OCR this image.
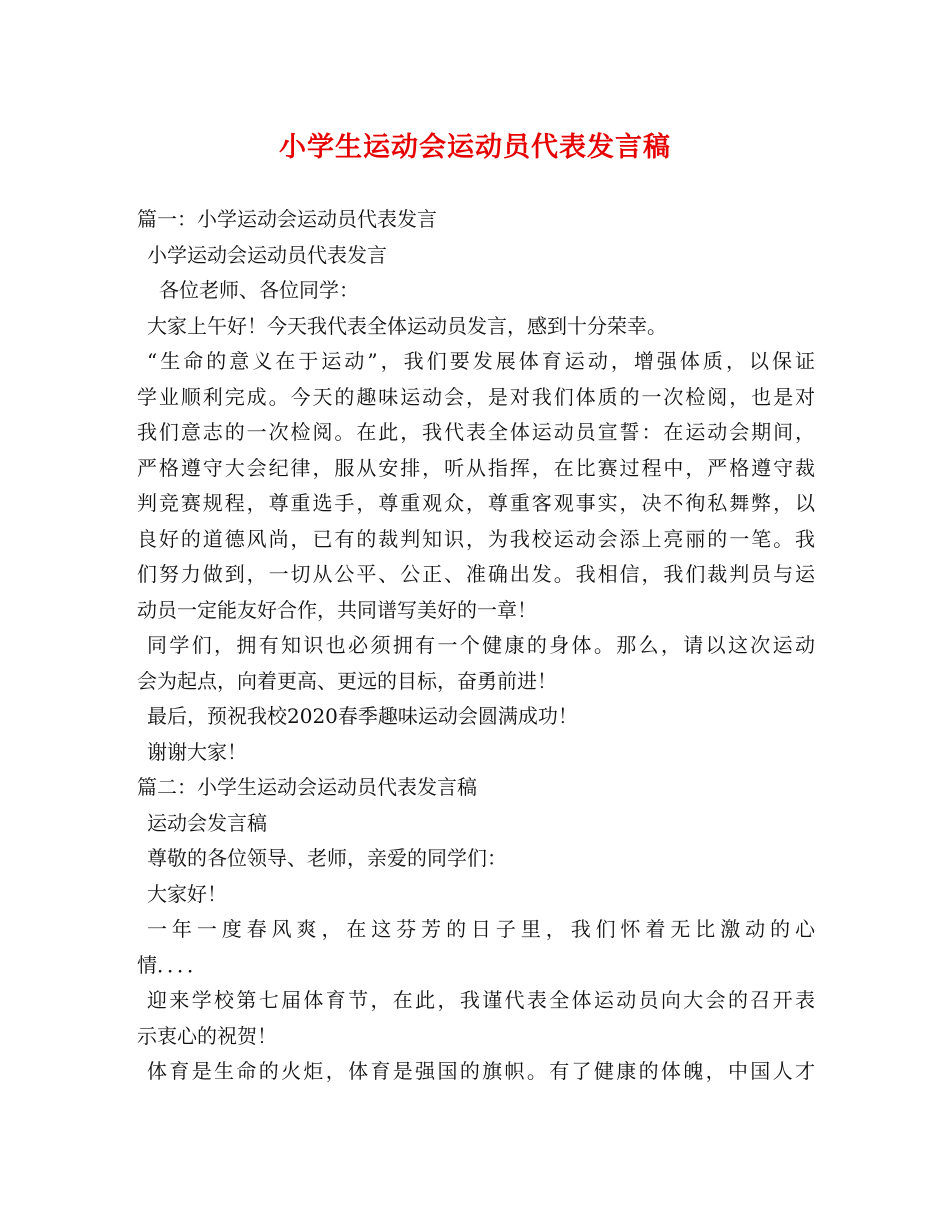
小学生运动会运动员代表发言稿

篇一：小学运动会运动员代表发言

小学运动会运动员代表发言

各位老师、各位同学：

大家上午好！今天我代表全体运动员发言，感到十分荣幸。

“生命的意义在于运动”，我们要发展体育运动，增强体质，以保证

学业顺利完成。今天的趣味运动会，是对我们体质的一次检阅，也是对

我们意志的一次检阅。在此，我代表全体运动员宣誓：在运动会期间，

严格遵守大会纪律，服从安排，听从指挥，在比赛过程中，严格遵守裁

判竞赛规程，尊重选手，尊重观众，尊重客观事实，决不徇私舞弊，以

良好的道德风尚，已有的裁判知识，为我校运动会添上亮丽的一笔。我

们努力做到，一切从公平、公正、准确出发。我相信，我们裁判员与运

动员一定能友好合作，共同谱写美好的一章！

同学们，拥有知识也必须拥有一个健康的身体。那么，请以这次运动

会为起点，向着更高、更远的目标，奋勇前进！

最后，预祝我校2020春季趣味运动会圆满成功！

谢谢大家！

篇二：小学生运动会运动员代表发言稿

运动会发言稿

尊敬的各位领导、老师，亲爱的同学们：

大家好！

一年一度春风爽，在这芬芳的日子里，我们怀着无比激动的心

情．．．．

迎来学校第七届体育节，在此，我谨代表全体运动员向大会的召开表

示衷心的祝贺！

体育是生命的火炬，体育是强国的旗帜。有了健康的体魄，中国人才
